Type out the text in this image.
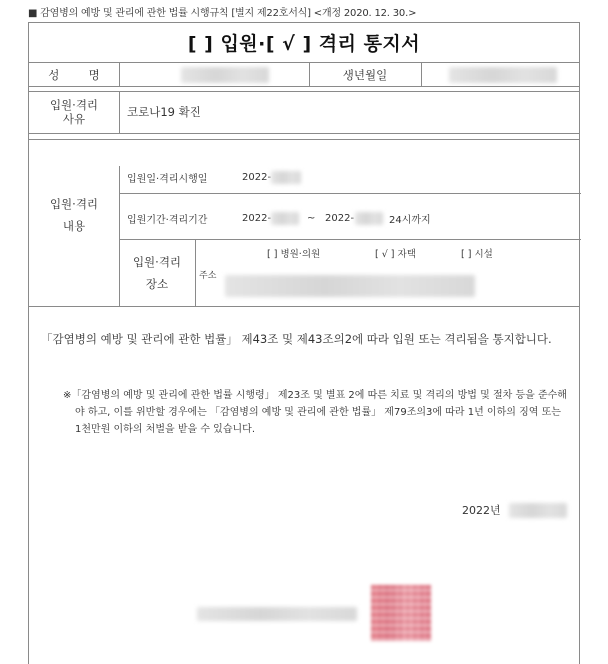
■ 감염병의 예방 및 관리에 관한 법률 시행규칙 [별지 제22호서식] <개정 2020. 12. 30.>
[ ] 입원·[ √ ] 격리 통지서
성        명	생년월일
입원·격리
사유	코로나19 확진
입원·격리
내용
입원일·격리시행일	2022-
입원기간·격리기간	2022-	~ 2022-	24시까지
입원·격리
장소
[ ] 병원·의원	[ √ ] 자택	[ ] 시설
주소
「감염병의 예방 및 관리에 관한 법률」 제43조 및 제43조의2에 따라 입원 또는 격리됨을 통지합니다.
※「감염병의 예방 및 관리에 관한 법률 시행령」 제23조 및 별표 2에 따른 치료 및 격리의 방법 및 절차 등을 준수해야 하고, 이를 위반할 경우에는 「감염병의 예방 및 관리에 관한 법률」 제79조의3에 따라 1년 이하의 징역 또는 1천만원 이하의 처벌을 받을 수 있습니다.
2022년
